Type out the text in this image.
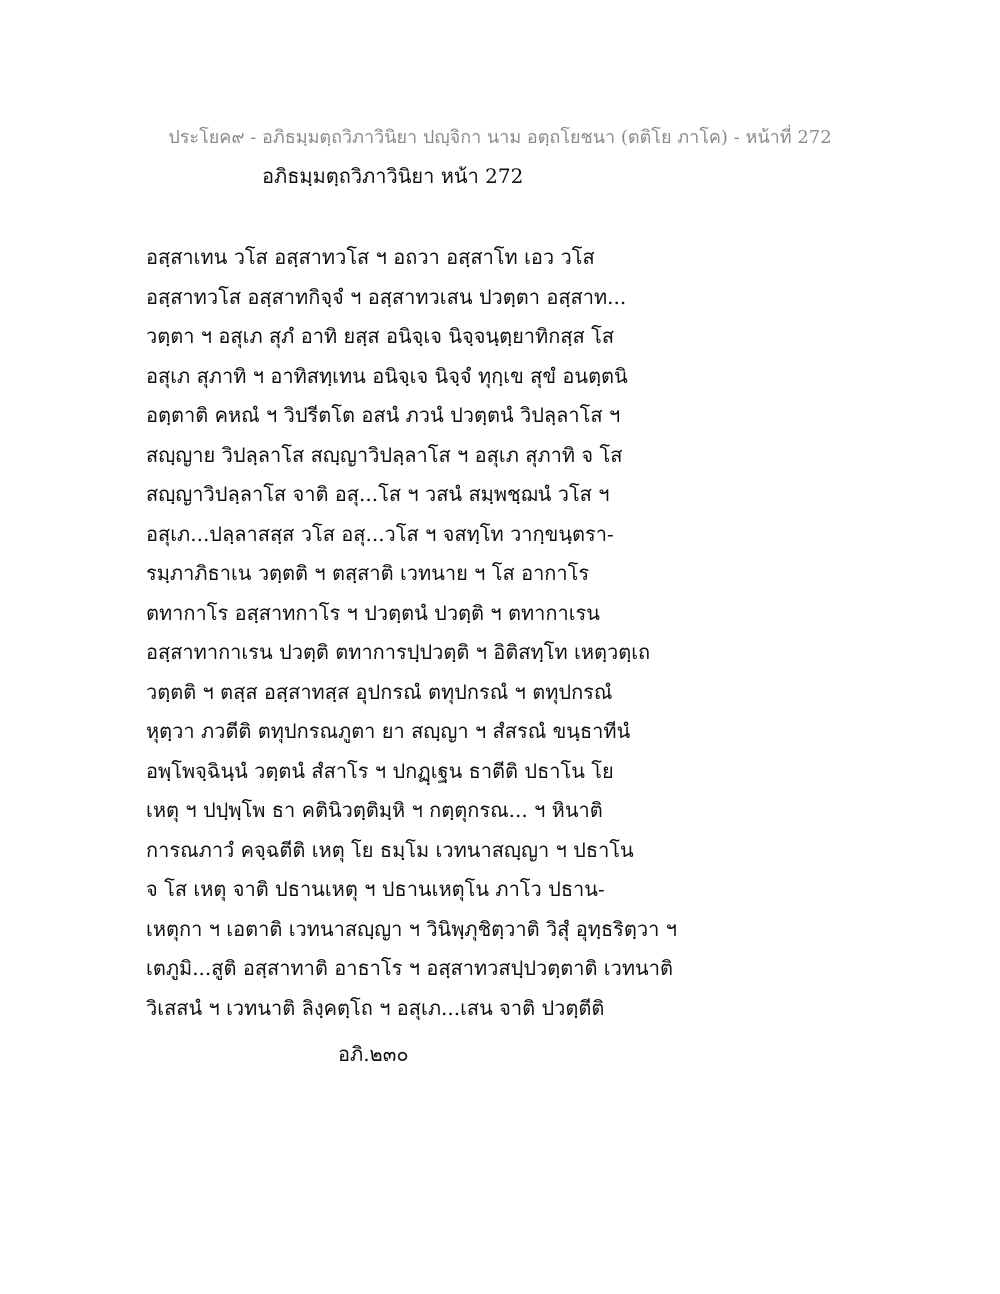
ประโยค๙ - อภิธมฺมตฺถวิภาวินิยา ปญฺจิกา นาม อตฺถโยชนา (ตติโย ภาโค) - หน้าที่ 272
อภิธมฺมตฺถวิภาวินิยา หน้า 272
อสฺสาเทน วโส อสฺสาทวโส ฯ อถวา อสฺสาโท เอว วโส
อสฺสาทวโส อสฺสาทกิจฺจํ ฯ อสฺสาทวเสน ปวตฺตา อสฺสาท...
วตฺตา ฯ อสุเภ สุภํ อาทิ ยสฺส อนิจฺเจ นิจฺจนฺตฺยาทิกสฺส โส
อสุเภ สุภาทิ ฯ อาทิสทฺเทน อนิจฺเจ นิจฺจํ ทุกฺเข สุขํ อนตฺตนิ
อตฺตาติ คหณํ ฯ วิปรีตโต อสนํ ภวนํ ปวตฺตนํ วิปลฺลาโส ฯ
สญฺญาย วิปลฺลาโส สญฺญาวิปลฺลาโส ฯ อสุเภ สุภาทิ จ โส
สญฺญาวิปลฺลาโส จาติ อสุ...โส ฯ วสนํ สมฺพชฺฌนํ วโส ฯ
อสุเภ...ปลฺลาสสฺส วโส อสุ...วโส ฯ จสทฺโท วากฺขนฺตรา-
รมฺภาภิธาเน วตฺตติ ฯ ตสฺสาติ เวทนาย ฯ โส อากาโร
ตทากาโร อสฺสาทกาโร ฯ ปวตฺตนํ ปวตฺติ ฯ ตทากาเรน
อสฺสาทากาเรน ปวตฺติ ตทาการปฺปวตฺติ ฯ อิติสทฺโท เหตฺวตฺเถ
วตฺตติ ฯ ตสฺส อสฺสาทสฺส อุปกรณํ ตทุปกรณํ ฯ ตทุปกรณํ
หุตฺวา ภวตีติ ตทุปกรณภูตา ยา สญฺญา ฯ สํสรณํ ขนฺธาทีนํ
อพฺโพจฺฉินฺนํ วตฺตนํ สํสาโร ฯ ปกฏฺเฐน ธาตีติ ปธาโน โย
เหตุ ฯ ปปฺพฺโพ ธา คตินิวตฺติมฺหิ ฯ กตฺตุกรณ... ฯ หินาติ
การณภาวํ คจฺฉตีติ เหตุ โย ธมฺโม เวทนาสญฺญา ฯ ปธาโน
จ โส เหตุ จาติ ปธานเหตุ ฯ ปธานเหตุโน ภาโว ปธาน-
เหตุกา ฯ เอตาติ เวทนาสญฺญา ฯ วินิพฺภุชิตฺวาติ วิสุํ อุทฺธริตฺวา ฯ
เตภูมิ...สูติ อสฺสาทาติ อาธาโร ฯ อสฺสาทวสปฺปวตฺตาติ เวทนาติ
วิเสสนํ ฯ เวทนาติ ลิงฺคตฺโถ ฯ อสุเภ...เสน จาติ ปวตฺตีติ
อภิ.๒๓๐
